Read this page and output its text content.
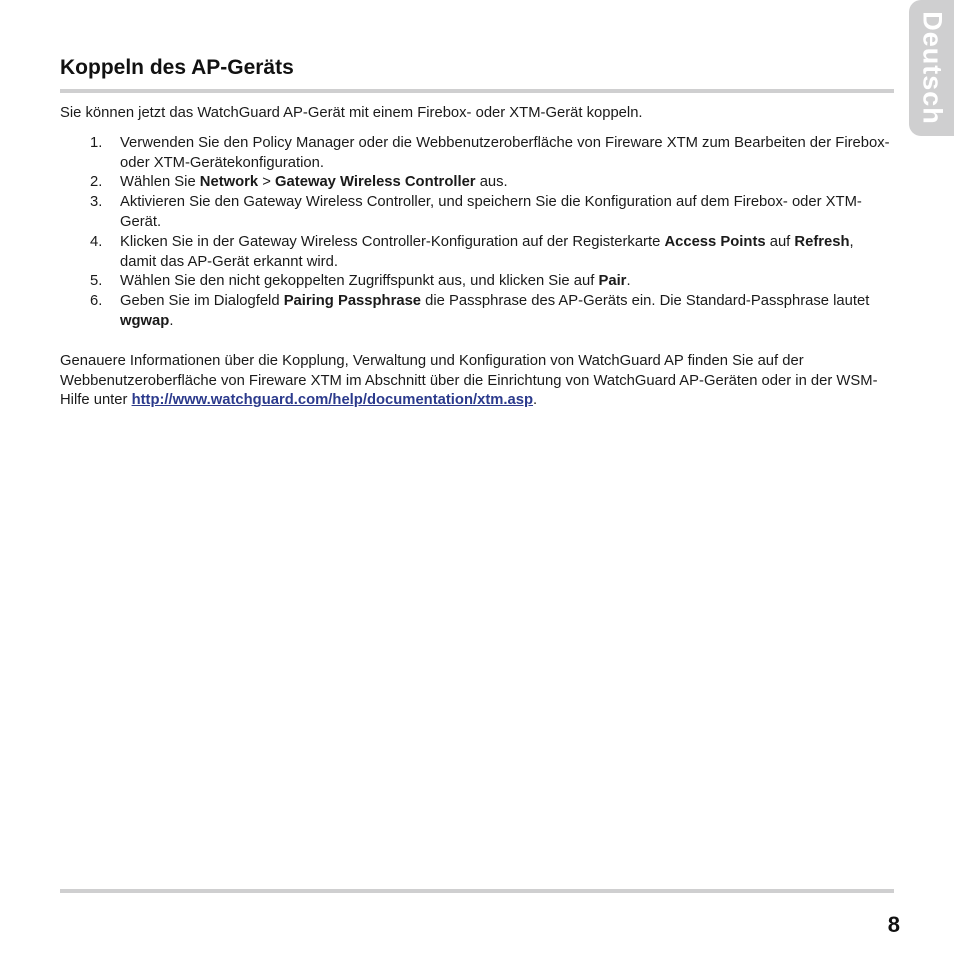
Deutsch
Koppeln des AP-Geräts

Sie können jetzt das WatchGuard AP-Gerät mit einem Firebox- oder XTM-Gerät koppeln.

1. Verwenden Sie den Policy Manager oder die Webbenutzeroberfläche von Fireware XTM zum Bearbeiten der Firebox- oder XTM-Gerätekonfiguration.
2. Wählen Sie Network > Gateway Wireless Controller aus.
3. Aktivieren Sie den Gateway Wireless Controller, und speichern Sie die Konfiguration auf dem Firebox- oder XTM-Gerät.
4. Klicken Sie in der Gateway Wireless Controller-Konfiguration auf der Registerkarte Access Points auf Refresh, damit das AP-Gerät erkannt wird.
5. Wählen Sie den nicht gekoppelten Zugriffspunkt aus, und klicken Sie auf Pair.
6. Geben Sie im Dialogfeld Pairing Passphrase die Passphrase des AP-Geräts ein. Die Standard-Passphrase lautet wgwap.

Genauere Informationen über die Kopplung, Verwaltung und Konfiguration von WatchGuard AP finden Sie auf der Webbenutzeroberfläche von Fireware XTM im Abschnitt über die Einrichtung von WatchGuard AP-Geräten oder in der WSM-Hilfe unter http://www.watchguard.com/help/documentation/xtm.asp.

8
